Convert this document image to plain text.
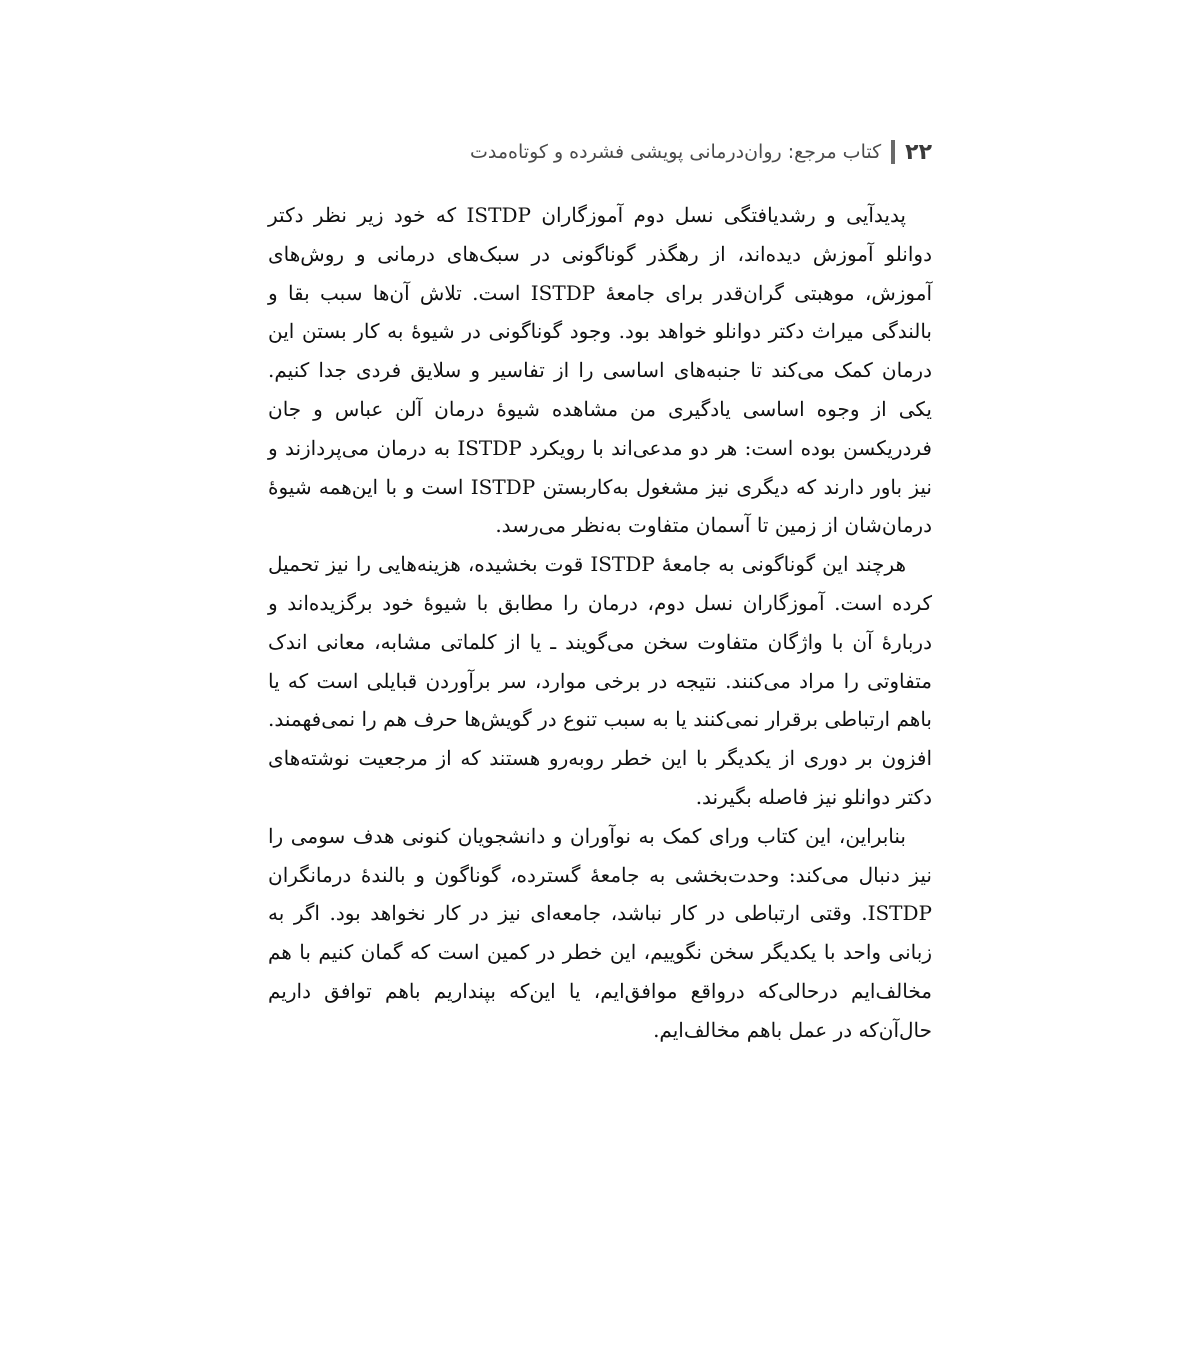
۲۲
کتاب مرجع: روان‌درمانی پویشی فشرده و کوتاه‌مدت

پدیدآیی و رشدیافتگی نسل دوم آموزگاران ISTDP که خود زیر نظر دکتر دوانلو آموزش دیده‌اند، از رهگذر گوناگونی در سبک‌های درمانی و روش‌های آموزش، موهبتی گران‌قدر برای جامعهٔ ISTDP است. تلاش آن‌ها سبب بقا و بالندگی میراث دکتر دوانلو خواهد بود. وجود گوناگونی در شیوهٔ به کار بستن این درمان کمک می‌کند تا جنبه‌های اساسی را از تفاسیر و سلایق فردی جدا کنیم. یکی از وجوه اساسی یادگیری من مشاهده شیوهٔ درمان آلن عباس و جان فردریکسن بوده است: هر دو مدعی‌اند با رویکرد ISTDP به درمان می‌پردازند و نیز باور دارند که دیگری نیز مشغول به‌کاربستن ISTDP است و با این‌همه شیوهٔ درمان‌شان از زمین تا آسمان متفاوت به‌نظر می‌رسد.

هرچند این گوناگونی به جامعهٔ ISTDP قوت بخشیده، هزینه‌هایی را نیز تحمیل کرده است. آموزگاران نسل دوم، درمان را مطابق با شیوهٔ خود برگزیده‌اند و دربارهٔ آن با واژگان متفاوت سخن می‌گویند ـ یا از کلماتی مشابه، معانی اندک متفاوتی را مراد می‌کنند. نتیجه در برخی موارد، سر برآوردن قبایلی است که یا باهم ارتباطی برقرار نمی‌کنند یا به سبب تنوع در گویش‌ها حرف هم را نمی‌فهمند. افزون بر دوری از یکدیگر با این خطر روبه‌رو هستند که از مرجعیت نوشته‌های دکتر دوانلو نیز فاصله بگیرند.

بنابراین، این کتاب ورای کمک به نوآوران و دانشجویان کنونی هدف سومی را نیز دنبال می‌کند: وحدت‌بخشی به جامعهٔ گسترده، گوناگون و بالندهٔ درمانگران ISTDP. وقتی ارتباطی در کار نباشد، جامعه‌ای نیز در کار نخواهد بود. اگر به زبانی واحد با یکدیگر سخن نگوییم، این خطر در کمین است که گمان کنیم با هم مخالف‌ایم درحالی‌که درواقع موافق‌ایم، یا این‌که بپنداریم باهم توافق داریم حال‌آن‌که در عمل باهم مخالف‌ایم.
